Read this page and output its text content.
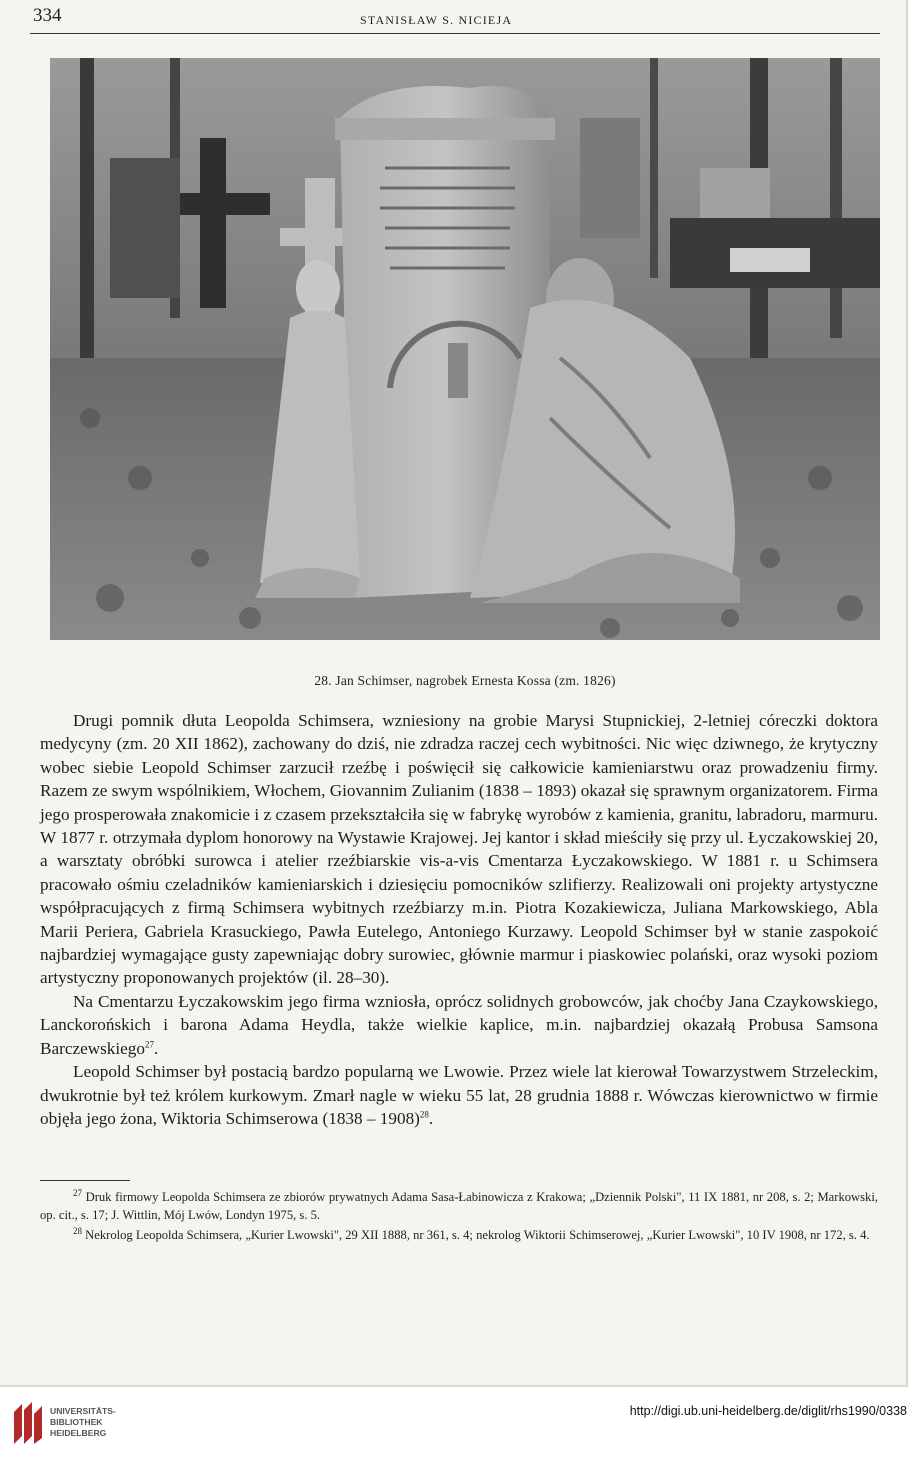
334	STANISŁAW S. NICIEJA
28. Jan Schimser, nagrobek Ernesta Kossa (zm. 1826)

Drugi pomnik dłuta Leopolda Schimsera, wzniesiony na grobie Marysi Stupnickiej, 2-letniej córeczki doktora medycyny (zm. 20 XII 1862), zachowany do dziś, nie zdradza raczej cech wybitności. Nic więc dziwnego, że krytyczny wobec siebie Leopold Schimser zarzucił rzeźbę i poświęcił się całkowicie kamieniarstwu oraz prowadzeniu firmy. Razem ze swym wspólnikiem, Włochem, Giovannim Zulianim (1838 – 1893) okazał się sprawnym organizatorem. Firma jego prosperowała znakomicie i z czasem przekształciła się w fabrykę wyrobów z kamienia, granitu, labradoru, marmuru. W 1877 r. otrzymała dyplom honorowy na Wystawie Krajowej. Jej kantor i skład mieściły się przy ul. Łyczakowskiej 20, a warsztaty obróbki surowca i atelier rzeźbiarskie vis-a-vis Cmentarza Łyczakowskiego. W 1881 r. u Schimsera pracowało ośmiu czeladników kamieniarskich i dziesięciu pomocników szlifierzy. Realizowali oni projekty artystyczne współpracujących z firmą Schimsera wybitnych rzeźbiarzy m.in. Piotra Kozakiewicza, Juliana Markowskiego, Abla Marii Periera, Gabriela Krasuckiego, Pawła Eutelego, Antoniego Kurzawy. Leopold Schimser był w stanie zaspokoić najbardziej wymagające gusty zapewniając dobry surowiec, głównie marmur i piaskowiec polański, oraz wysoki poziom artystyczny proponowanych projektów (il. 28–30).

Na Cmentarzu Łyczakowskim jego firma wzniosła, oprócz solidnych grobowców, jak choćby Jana Czaykowskiego, Lanckorońskich i barona Adama Heydla, także wielkie kaplice, m.in. najbardziej okazałą Probusa Samsona Barczewskiego$^{27}$.

Leopold Schimser był postacią bardzo popularną we Lwowie. Przez wiele lat kierował Towarzystwem Strzeleckim, dwukrotnie był też królem kurkowym. Zmarł nagle w wieku 55 lat, 28 grudnia 1888 r. Wówczas kierownictwo w firmie objęła jego żona, Wiktoria Schimserowa (1838 – 1908)$^{28}$.

$^{27}$ Druk firmowy Leopolda Schimsera ze zbiorów prywatnych Adama Sasa-Łabinowicza z Krakowa; „Dziennik Polski", 11 IX 1881, nr 208, s. 2; Markowski, op. cit., s. 17; J. Wittlin, Mój Lwów, Londyn 1975, s. 5.

$^{28}$ Nekrolog Leopolda Schimsera, „Kurier Lwowski", 29 XII 1888, nr 361, s. 4; nekrolog Wiktorii Schimserowej, „Kurier Lwowski", 10 IV 1908, nr 172, s. 4.

UNIVERSITÄTS-
BIBLIOTHEK
HEIDELBERG
http://digi.ub.uni-heidelberg.de/diglit/rhs1990/0338
